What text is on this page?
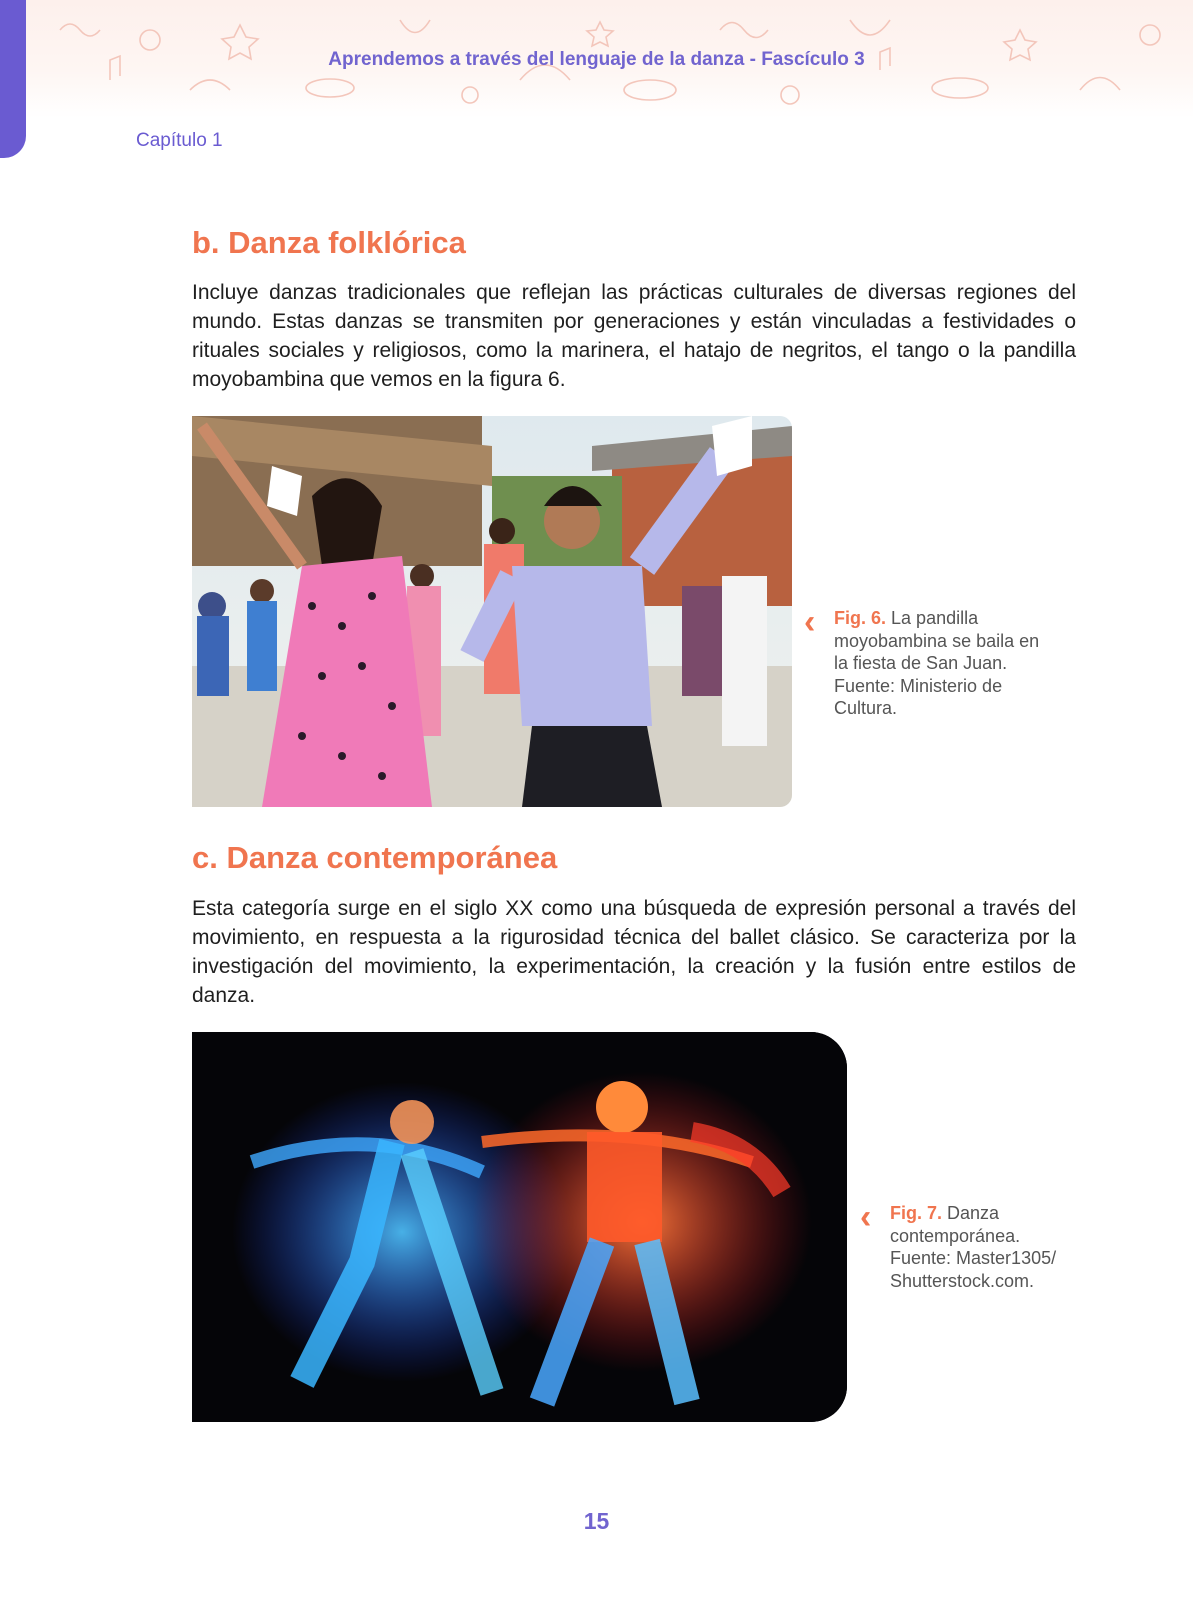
Aprendemos a través del lenguaje de la danza - Fascículo 3
Capítulo 1
b. Danza folklórica
Incluye danzas tradicionales que reflejan las prácticas culturales de diversas regiones del mundo. Estas danzas se transmiten por generaciones y están vinculadas a festividades o rituales sociales y religiosos, como la marinera, el hatajo de negritos, el tango o la pandilla moyobambina que vemos en la figura 6.
‹ Fig. 6. La pandilla moyobambina se baila en la fiesta de San Juan. Fuente: Ministerio de Cultura.
c. Danza contemporánea
Esta categoría surge en el siglo XX como una búsqueda de expresión personal a través del movimiento, en respuesta a la rigurosidad técnica del ballet clásico. Se caracteriza por la investigación del movimiento, la experimentación, la creación y la fusión entre estilos de danza.
‹ Fig. 7. Danza contemporánea. Fuente: Master1305/ Shutterstock.com.
15
